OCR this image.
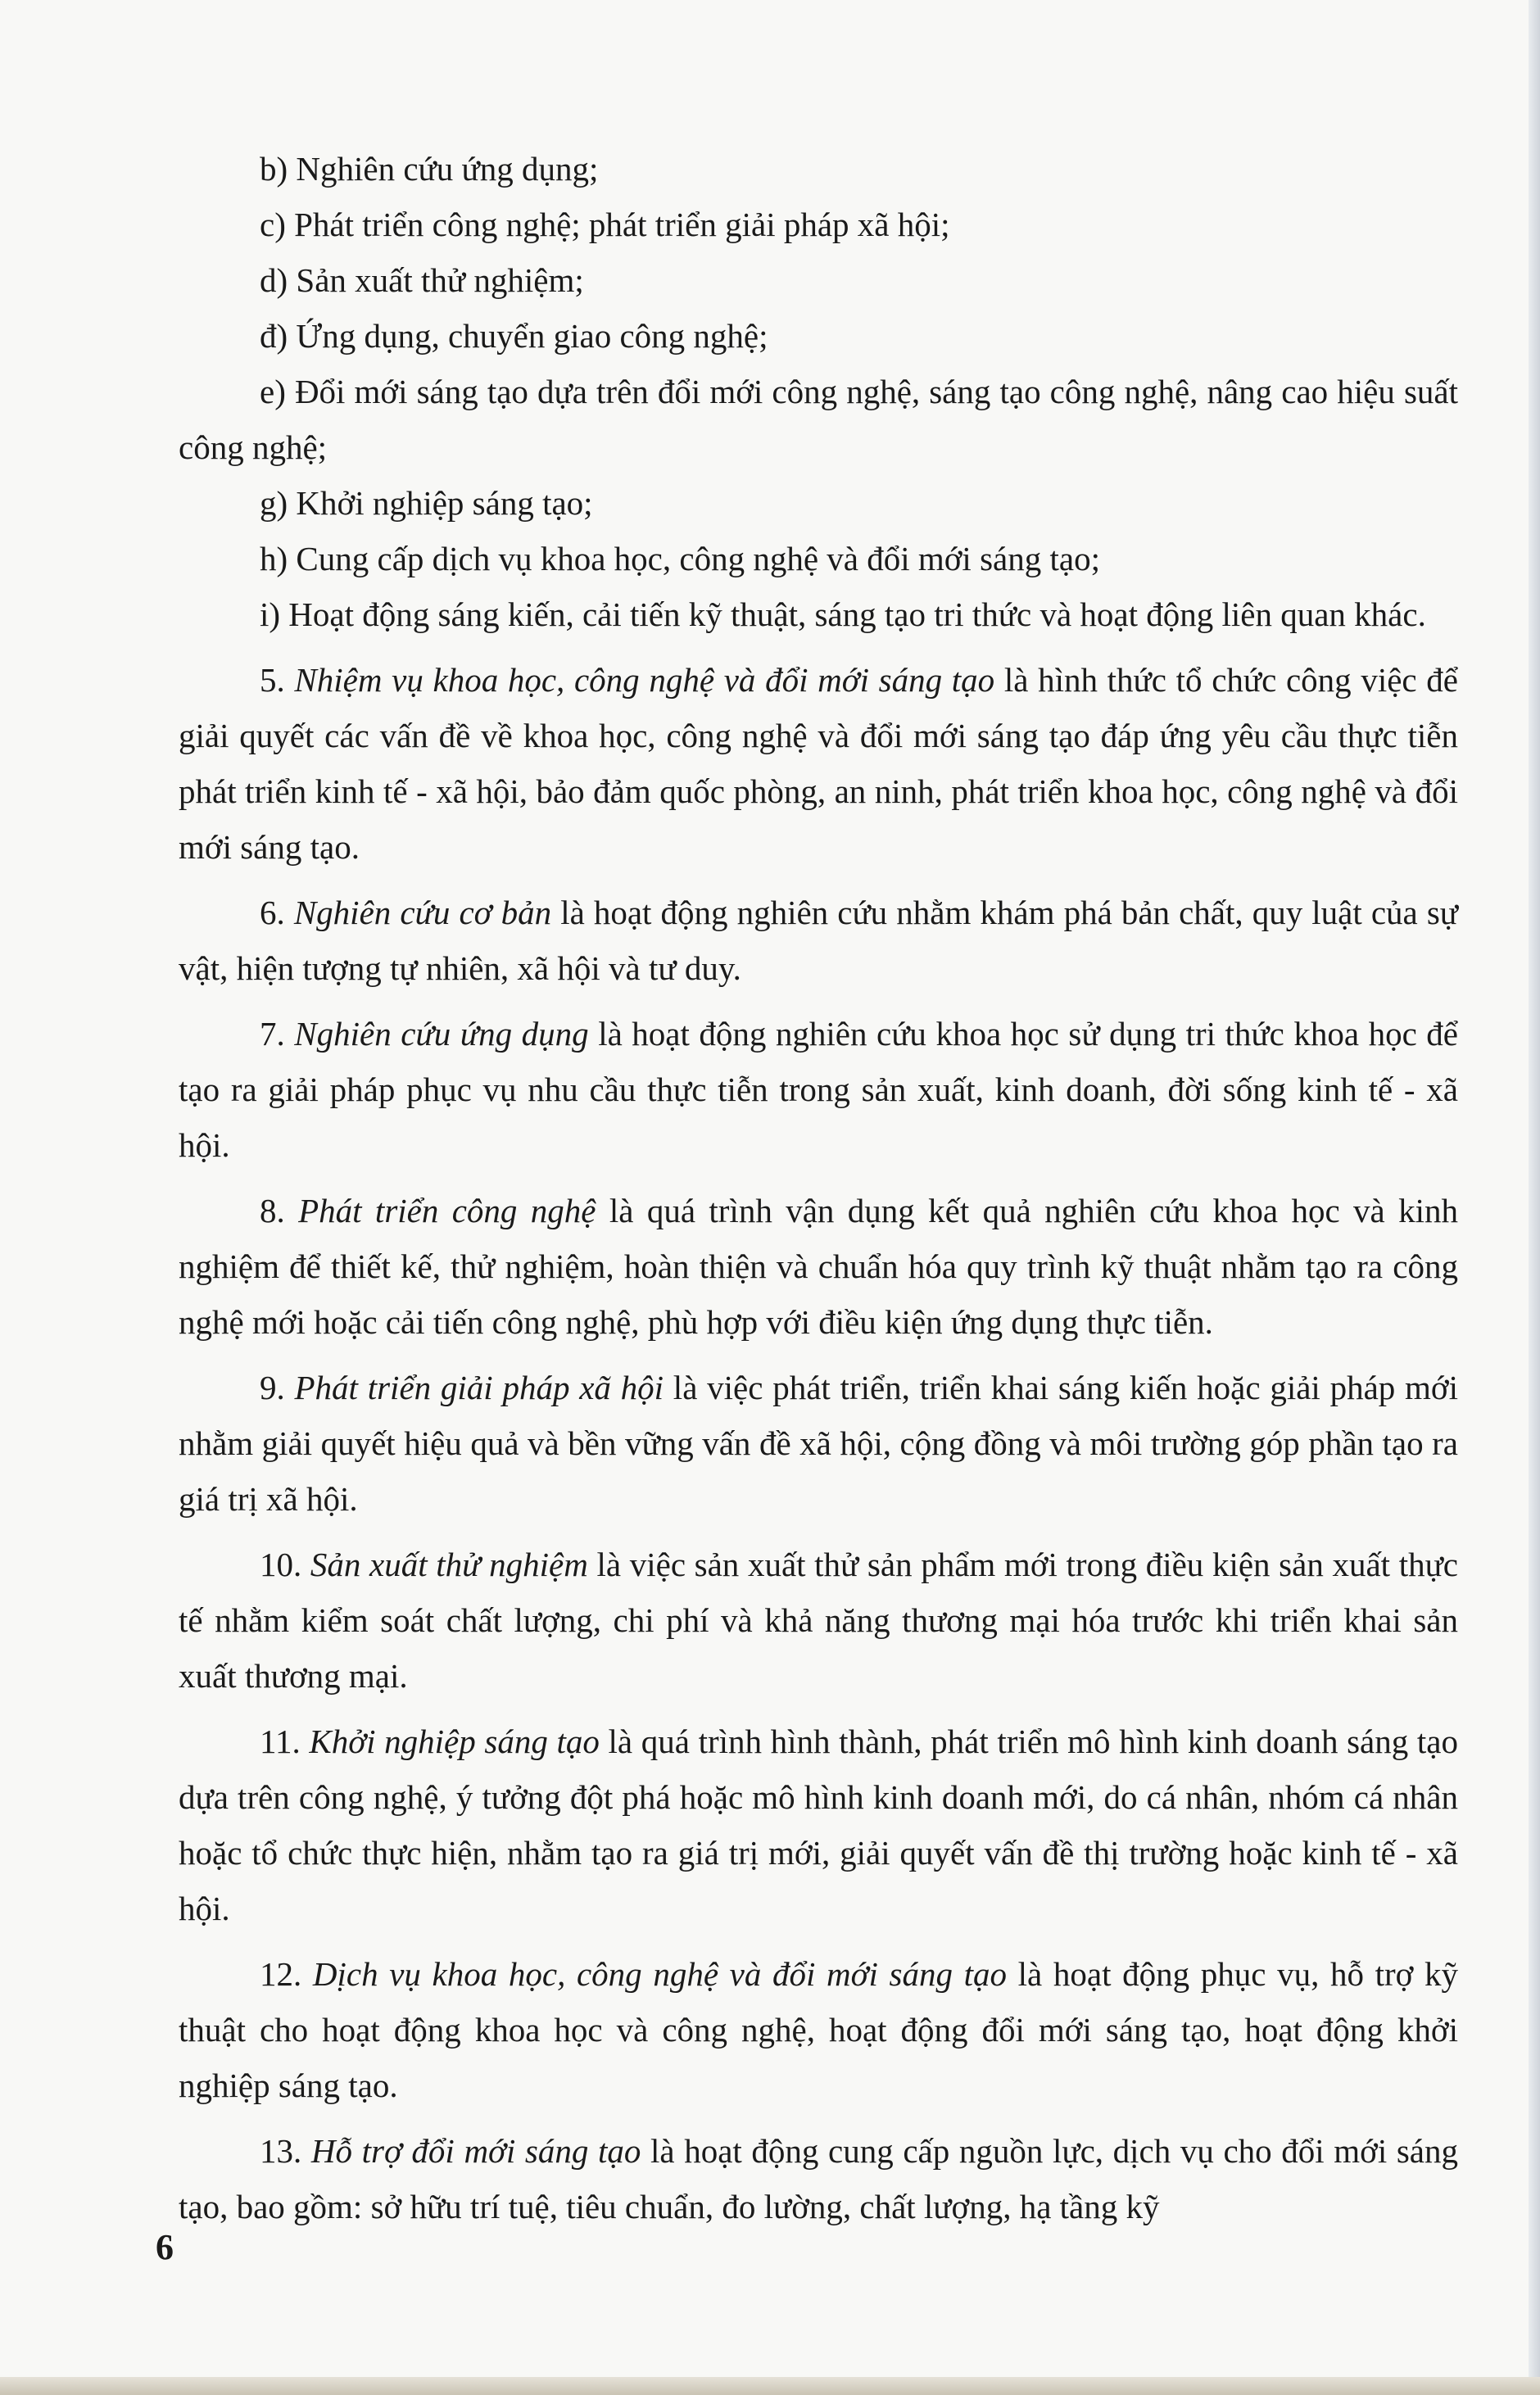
b) Nghiên cứu ứng dụng;

c) Phát triển công nghệ; phát triển giải pháp xã hội;

d) Sản xuất thử nghiệm;

đ) Ứng dụng, chuyển giao công nghệ;

e) Đổi mới sáng tạo dựa trên đổi mới công nghệ, sáng tạo công nghệ, nâng cao hiệu suất công nghệ;

g) Khởi nghiệp sáng tạo;

h) Cung cấp dịch vụ khoa học, công nghệ và đổi mới sáng tạo;

i) Hoạt động sáng kiến, cải tiến kỹ thuật, sáng tạo tri thức và hoạt động liên quan khác.

5. Nhiệm vụ khoa học, công nghệ và đổi mới sáng tạo là hình thức tổ chức công việc để giải quyết các vấn đề về khoa học, công nghệ và đổi mới sáng tạo đáp ứng yêu cầu thực tiễn phát triển kinh tế - xã hội, bảo đảm quốc phòng, an ninh, phát triển khoa học, công nghệ và đổi mới sáng tạo.

6. Nghiên cứu cơ bản là hoạt động nghiên cứu nhằm khám phá bản chất, quy luật của sự vật, hiện tượng tự nhiên, xã hội và tư duy.

7. Nghiên cứu ứng dụng là hoạt động nghiên cứu khoa học sử dụng tri thức khoa học để tạo ra giải pháp phục vụ nhu cầu thực tiễn trong sản xuất, kinh doanh, đời sống kinh tế - xã hội.

8. Phát triển công nghệ là quá trình vận dụng kết quả nghiên cứu khoa học và kinh nghiệm để thiết kế, thử nghiệm, hoàn thiện và chuẩn hóa quy trình kỹ thuật nhằm tạo ra công nghệ mới hoặc cải tiến công nghệ, phù hợp với điều kiện ứng dụng thực tiễn.

9. Phát triển giải pháp xã hội là việc phát triển, triển khai sáng kiến hoặc giải pháp mới nhằm giải quyết hiệu quả và bền vững vấn đề xã hội, cộng đồng và môi trường góp phần tạo ra giá trị xã hội.

10. Sản xuất thử nghiệm là việc sản xuất thử sản phẩm mới trong điều kiện sản xuất thực tế nhằm kiểm soát chất lượng, chi phí và khả năng thương mại hóa trước khi triển khai sản xuất thương mại.

11. Khởi nghiệp sáng tạo là quá trình hình thành, phát triển mô hình kinh doanh sáng tạo dựa trên công nghệ, ý tưởng đột phá hoặc mô hình kinh doanh mới, do cá nhân, nhóm cá nhân hoặc tổ chức thực hiện, nhằm tạo ra giá trị mới, giải quyết vấn đề thị trường hoặc kinh tế - xã hội.

12. Dịch vụ khoa học, công nghệ và đổi mới sáng tạo là hoạt động phục vụ, hỗ trợ kỹ thuật cho hoạt động khoa học và công nghệ, hoạt động đổi mới sáng tạo, hoạt động khởi nghiệp sáng tạo.

13. Hỗ trợ đổi mới sáng tạo là hoạt động cung cấp nguồn lực, dịch vụ cho đổi mới sáng tạo, bao gồm: sở hữu trí tuệ, tiêu chuẩn, đo lường, chất lượng, hạ tầng kỹ

6
